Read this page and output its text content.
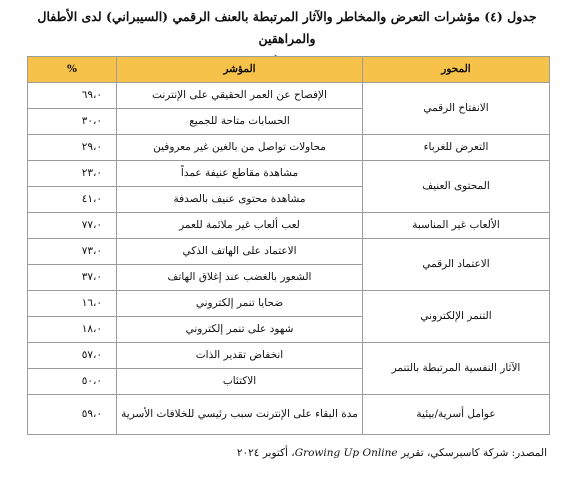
جدول (٤) مؤشرات التعرض والمخاطر والآثار المرتبطة بالعنف الرقمي (السيبراني) لدى الأطفال والمراهقين
المحور	المؤشر	%
الانفتاح الرقمي	الإفصاح عن العمر الحقيقي على الإنترنت	٦٩،٠
	الحسابات متاحة للجميع	٣٠،٠
التعرض للغرباء	محاولات تواصل من بالغين غير معروفين	٢٩،٠
المحتوى العنيف	مشاهدة مقاطع عنيفة عمداً	٢٣،٠
	مشاهدة محتوى عنيف بالصدفة	٤١،٠
الألعاب غير المناسبة	لعب ألعاب غير ملائمة للعمر	٧٧،٠
الاعتماد الرقمي	الاعتماد على الهاتف الذكي	٧٣،٠
	الشعور بالغضب عند إغلاق الهاتف	٣٧،٠
التنمر الإلكتروني	ضحايا تنمر إلكتروني	١٦،٠
	شهود على تنمر إلكتروني	١٨،٠
الآثار النفسية المرتبطة بالتنمر	انخفاض تقدير الذات	٥٧،٠
	الاكتئاب	٥٠،٠
عوامل أسرية/بيئية	مدة البقاء على الإنترنت سبب رئيسي للخلافات الأسرية	٥٩،٠
المصدر: شركة كاسبرسكي، تقرير Growing Up Online، أكتوبر ٢٠٢٤
